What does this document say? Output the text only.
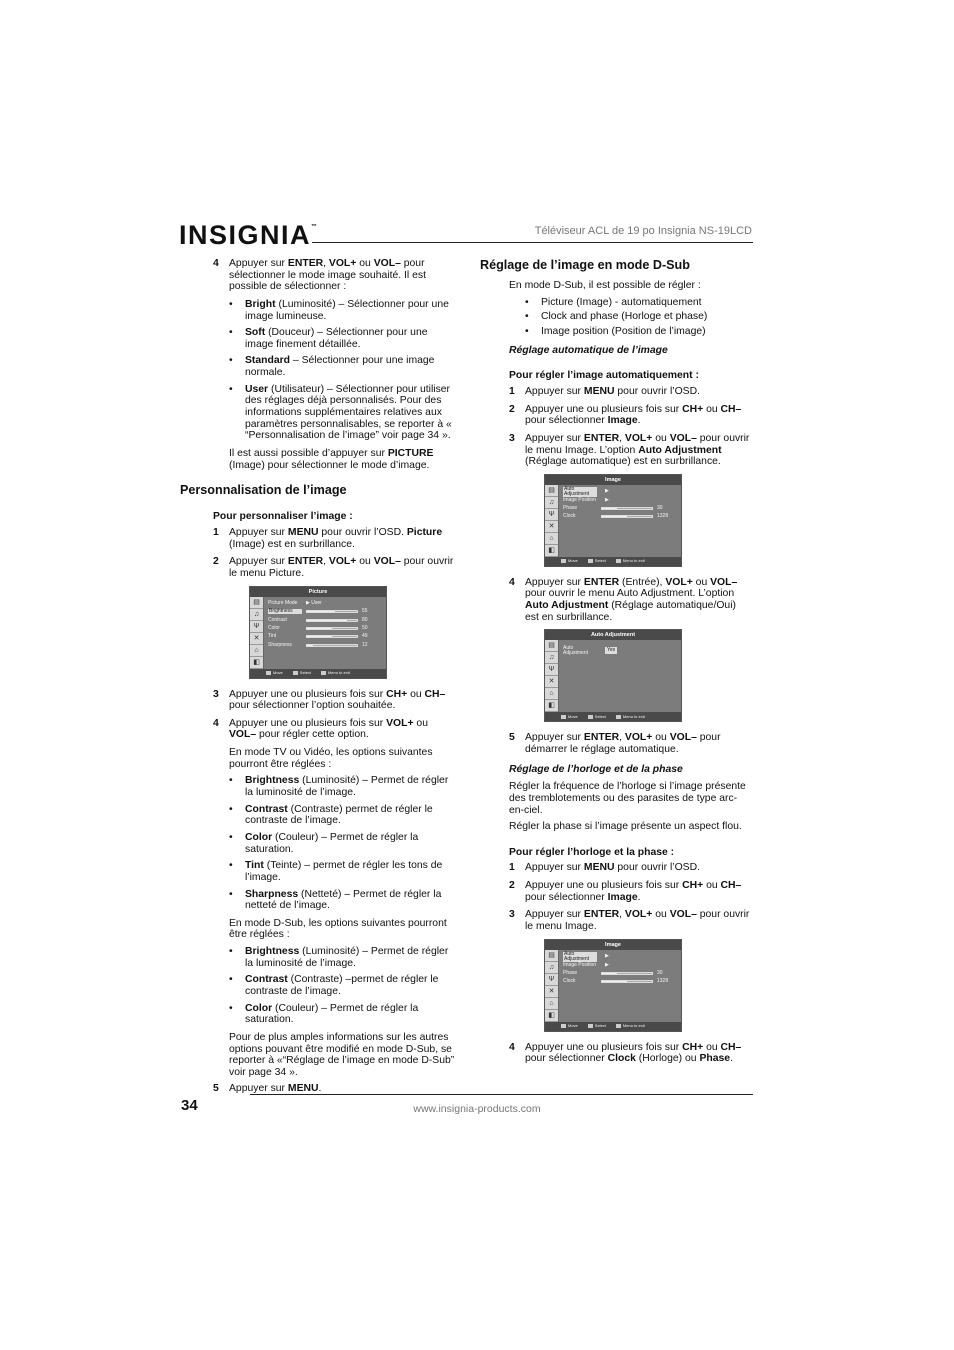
INSIGNIA™	Téléviseur ACL de 19 po Insignia NS-19LCD
4 Appuyer sur ENTER, VOL+ ou VOL– pour sélectionner le mode image souhaité. Il est possible de sélectionner :
•	Bright (Luminosité) – Sélectionner pour une image lumineuse.
•	Soft (Douceur) – Sélectionner pour une image finement détaillée.
•	Standard – Sélectionner pour une image normale.
•	User (Utilisateur) – Sélectionner pour utiliser des réglages déjà personnalisés. Pour des informations supplémentaires relatives aux paramètres personnalisables, se reporter à « “Personnalisation de l’image” voir page 34 ».
Il est aussi possible d’appuyer sur PICTURE (Image) pour sélectionner le mode d’image.
Personnalisation de l’image
Pour personnaliser l’image :
1 Appuyer sur MENU pour ouvrir l’OSD. Picture (Image) est en surbrillance.
2 Appuyer sur ENTER, VOL+ ou VOL– pour ouvrir le menu Picture.
Picture
▤
♫
Ψ
✕
⌂
◧
Picture Mode	▶ User
Brightness	55
Contrast	80
Color	50
Tint	49
Sharpness	12
Move	Select	Menu to exit
3 Appuyer une ou plusieurs fois sur CH+ ou CH– pour sélectionner l’option souhaitée.
4 Appuyer une ou plusieurs fois sur VOL+ ou VOL– pour régler cette option.
En mode TV ou Vidéo, les options suivantes pourront être réglées :
•	Brightness (Luminosité) – Permet de régler la luminosité de l’image.
•	Contrast (Contraste) permet de régler le contraste de l’image.
•	Color (Couleur) – Permet de régler la saturation.
•	Tint (Teinte) – permet de régler les tons de l’image.
•	Sharpness (Netteté) – Permet de régler la netteté de l’image.
En mode D-Sub, les options suivantes pourront être réglées :
•	Brightness (Luminosité) – Permet de régler la luminosité de l’image.
•	Contrast (Contraste) –permet de régler le contraste de l’image.
•	Color (Couleur) – Permet de régler la saturation.
Pour de plus amples informations sur les autres options pouvant être modifié en mode D-Sub, se reporter à «“Réglage de l’image en mode D-Sub” voir page 34 ».
5 Appuyer sur MENU.
Réglage de l’image en mode D-Sub
En mode D-Sub, il est possible de régler :
•	Picture (Image) - automatiquement
•	Clock and phase (Horloge et phase)
•	Image position (Position de l’image)
Réglage automatique de l’image
Pour régler l’image automatiquement :
1 Appuyer sur MENU pour ouvrir l’OSD.
2 Appuyer une ou plusieurs fois sur CH+ ou CH– pour sélectionner Image.
3 Appuyer sur ENTER, VOL+ ou VOL– pour ouvrir le menu Image. L’option Auto Adjustment (Réglage automatique) est en surbrillance.
Image
▤
♫
Ψ
✕
⌂
◧
Auto Adjustment	▶
Image Position ▶
Phase	30
Clock	1328
Move	Select	Menu to exit
4 Appuyer sur ENTER (Entrée), VOL+ ou VOL– pour ouvrir le menu Auto Adjustment. L’option Auto Adjustment (Réglage automatique/Oui) est en surbrillance.
Auto Adjustment
▤
♫
Ψ
✕
⌂
◧
Auto Adjustment	Yes
Move	Select	Menu to exit
5 Appuyer sur ENTER, VOL+ ou VOL– pour démarrer le réglage automatique.
Réglage de l’horloge et de la phase
Régler la fréquence de l’horloge si l’image présente des tremblotements ou des parasites de type arc-en-ciel.
Régler la phase si l’image présente un aspect flou.
Pour régler l’horloge et la phase :
1 Appuyer sur MENU pour ouvrir l’OSD.
2 Appuyer une ou plusieurs fois sur CH+ ou CH– pour sélectionner Image.
3 Appuyer sur ENTER, VOL+ ou VOL– pour ouvrir le menu Image.
Image
▤
♫
Ψ
✕
⌂
◧
Auto Adjustment	▶
Image Position ▶
Phase	30
Clock	1328
Move	Select	Menu to exit
4 Appuyer une ou plusieurs fois sur CH+ ou CH– pour sélectionner Clock (Horloge) ou Phase.
34	www.insignia-products.com
